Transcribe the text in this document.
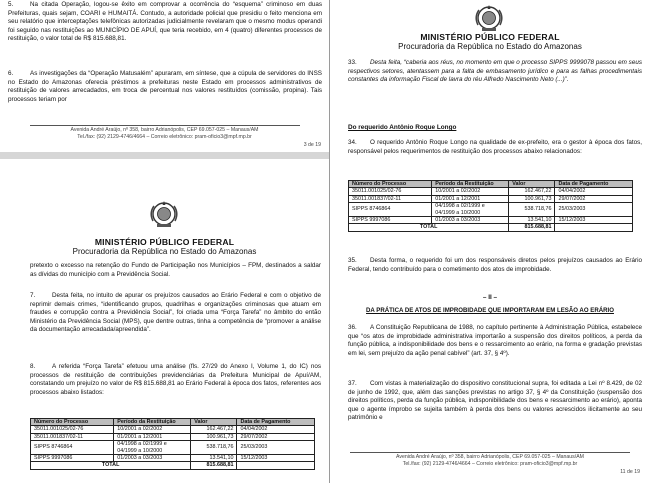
5.	Na citada Operação, logou-se êxito em comprovar a ocorrência do “esquema” criminoso em duas Prefeituras, quais sejam, COARI e HUMAITÁ. Contudo, a autoridade policial que presidiu o feito menciona em seu relatório que interceptações telefônicas autorizadas judicialmente revelaram que o mesmo modus operandi foi seguido nas restituições ao MUNICÍPIO DE APUÍ, que teria recebido, em 4 (quatro) diferentes processos de restituição, o valor total de R$ 815.688,81.

6.	As investigações da “Operação Matusalém” apuraram, em síntese, que a cúpula de servidores do INSS no Estado do Amazonas oferecia préstimos a prefeituras neste Estado em processos administrativos de restituição de valores arrecadados, em troca de percentual nos valores restituídos (comissão, propina). Tais processos teriam por

Avenida André Araújo, nº 358, bairro Adrianópolis, CEP 69.057-025 – Manaus/AM
Tel./fax: (92) 2129-4746/4664 – Correio eletrônico: pram-oficio3@mpf.mp.br
3 de 19
MINISTÉRIO PÚBLICO FEDERAL
Procuradoria da República no Estado do Amazonas

pretexto o excesso na retenção do Fundo de Participação nos Municípios – FPM, destinados a saldar as dívidas do município com a Previdência Social.

7.	Desta feita, no intuito de apurar os prejuízos causados ao Erário Federal e com o objetivo de reprimir demais crimes, “identificando grupos, quadrilhas e organizações criminosas que atuam em fraudes e corrupção contra a Previdência Social”, foi criada uma “Força Tarefa” no âmbito do então Ministério da Previdência Social (MPS), que dentre outras, tinha a competência de “promover a análise da documentação arrecadada/apreendida”.

8.	A referida “Força Tarefa” efetuou uma análise (fls. 27/29 do Anexo I, Volume 1, do IC) nos processos de restituição de contribuições previdenciárias da Prefeitura Municipal de Apuí/AM, constatando um prejuízo no valor de R$ 815.688,81 ao Erário Federal à época dos fatos, referentes aos processos abaixo listados:

Número do Processo	Período da Restituição	Valor	Data de Pagamento
35011.001025/02-76	10/2001 a 02/2002	162.467,22	04/04/2002
35011.001837/02-11	01/2001 a 12/2001	100.961,73	29/07/2002
SIPPS 8746864	04/1998 a 02/1999 e 04/1999 a 10/2000	538.718,76	25/03/2003
SIPPS 9997086	01/2003 a 03/2003	13.541,10	15/12/2003
TOTAL		815.688,81	
MINISTÉRIO PÚBLICO FEDERAL
Procuradoria da República no Estado do Amazonas

33. Desta feita, “caberia aos réus, no momento em que o processo SIPPS 9999078 passou em seus respectivos setores, atentassem para a falta de embasamento jurídico e para as falhas procedimentais constantes da informação Fiscal de lavra do réu Alfredo Nascimento Neto (...)”.

Do requerido Antônio Roque Longo

34. O requerido Antônio Roque Longo na qualidade de ex-prefeito, era o gestor à época dos fatos, responsável pelos requerimentos de restituição dos processos abaixo relacionados:

Número do Processo	Período da Restituição	Valor	Data de Pagamento
35011.001025/02-76	10/2001 a 02/2002	162.467,22	04/04/2002
35011.001837/02-11	01/2001 a 12/2001	100.961,73	29/07/2002
SIPPS 8746864	04/1998 a 02/1999 e 04/1999 a 10/2000	538.718,76	25/03/2003
SIPPS 9997086	01/2003 a 03/2003	13.541,10	15/12/2003
TOTAL		815.688,81	

35. Desta forma, o requerido foi um dos responsáveis diretos pelos prejuízos causados ao Erário Federal, tendo contribuído para o cometimento dos atos de improbidade.

– II –
DA PRÁTICA DE ATOS DE IMPROBIDADE QUE IMPORTARAM EM LESÃO AO ERÁRIO

36. A Constituição Republicana de 1988, no capítulo pertinente à Administração Pública, estabelece que “os atos de improbidade administrativa importarão a suspensão dos direitos políticos, a perda da função pública, a indisponibilidade dos bens e o ressarcimento ao erário, na forma e gradação previstas em lei, sem prejuízo da ação penal cabível” (art. 37, § 4º).

37. Com vistas à materialização do dispositivo constitucional supra, foi editada a Lei nº 8.429, de 02 de junho de 1992, que, além das sanções previstas no artigo 37, § 4º da Constituição (suspensão dos direitos políticos, perda da função pública, indisponibilidade dos bens e ressarcimento ao erário), aponta que o agente ímprobo se sujeita também à perda dos bens ou valores acrescidos ilicitamente ao seu patrimônio e

Avenida André Araújo, nº 358, bairro Adrianópolis, CEP 69.057-025 – Manaus/AM
Tel./fax: (92) 2129-4746/4664 – Correio eletrônico: pram-oficio3@mpf.mp.br
11 de 19
